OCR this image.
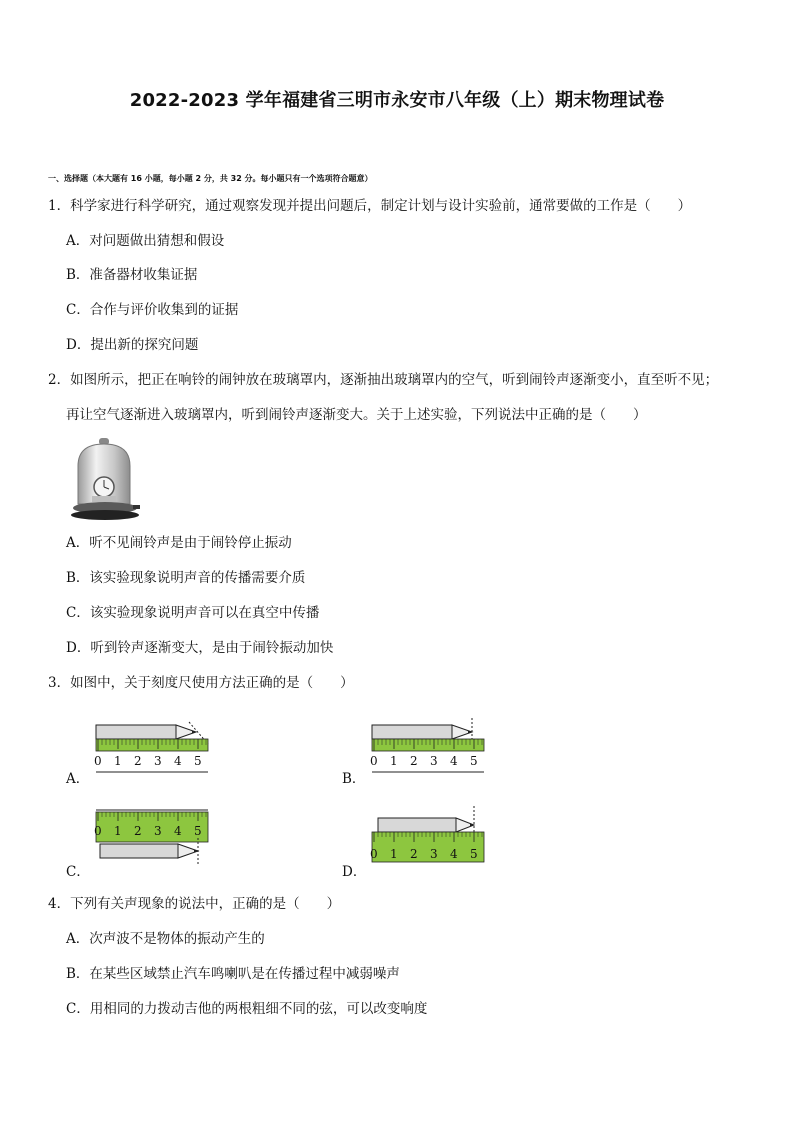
2022-2023 学年福建省三明市永安市八年级（上）期末物理试卷
一、选择题（本大题有 16 小题，每小题 2 分，共 32 分。每小题只有一个选项符合题意）
1．科学家进行科学研究，通过观察发现并提出问题后，制定计划与设计实验前，通常要做的工作是（　　）
A．对问题做出猜想和假设
B．准备器材收集证据
C．合作与评价收集到的证据
D．提出新的探究问题
2．如图所示，把正在响铃的闹钟放在玻璃罩内，逐渐抽出玻璃罩内的空气，听到闹铃声逐渐变小，直至听不见；
再让空气逐渐进入玻璃罩内，听到闹铃声逐渐变大。关于上述实验，下列说法中正确的是（　　）
A．听不见闹铃声是由于闹铃停止振动
B．该实验现象说明声音的传播需要介质
C．该实验现象说明声音可以在真空中传播
D．听到铃声逐渐变大，是由于闹铃振动加快
3．如图中，关于刻度尺使用方法正确的是（　　）
0 1 2 3 4 5
A．
0 1 2 3 4 5
B．
0 1 2 3 4 5
C．
0 1 2 3 4 5
D．
4．下列有关声现象的说法中，正确的是（　　）
A．次声波不是物体的振动产生的
B．在某些区域禁止汽车鸣喇叭是在传播过程中减弱噪声
C．用相同的力拨动吉他的两根粗细不同的弦，可以改变响度
